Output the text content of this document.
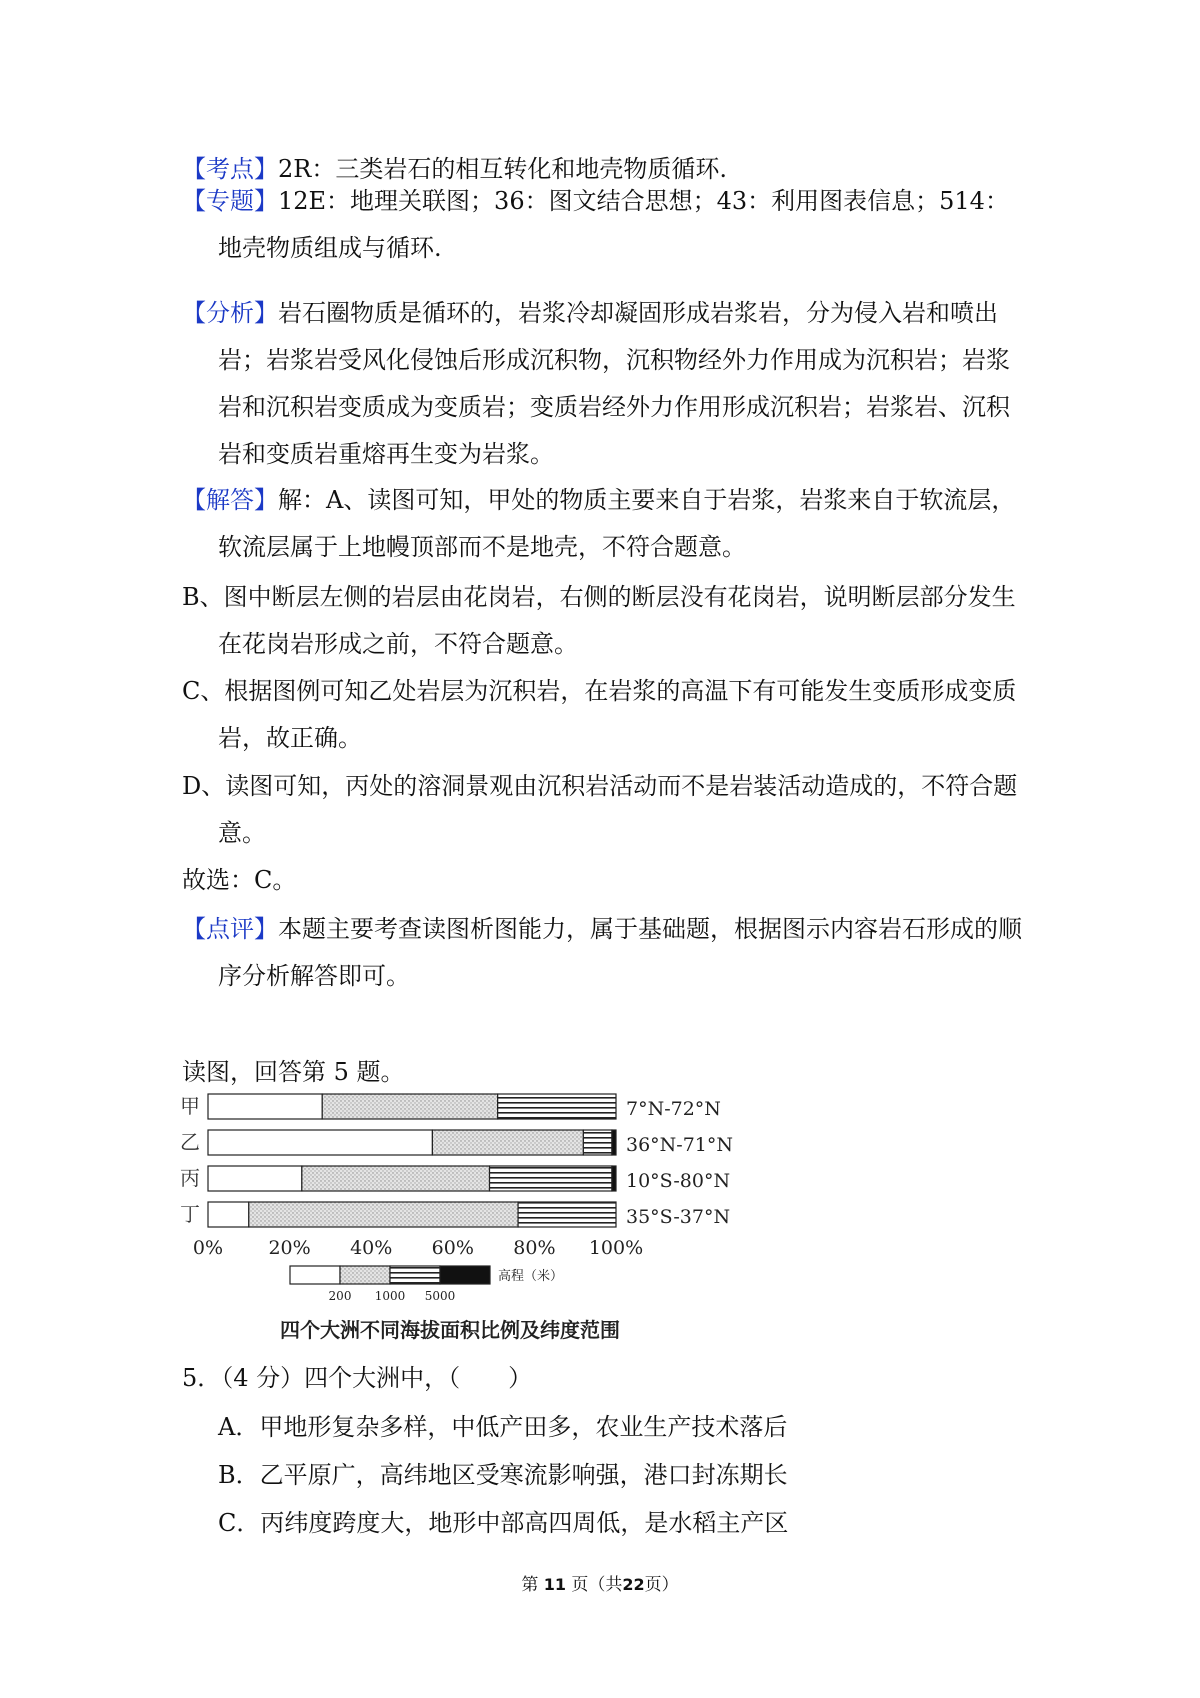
【考点】2R：三类岩石的相互转化和地壳物质循环.
【专题】12E：地理关联图；36：图文结合思想；43：利用图表信息；514：地壳物质组成与循环.
【分析】岩石圈物质是循环的，岩浆冷却凝固形成岩浆岩，分为侵入岩和喷出岩；岩浆岩受风化侵蚀后形成沉积物，沉积物经外力作用成为沉积岩；岩浆岩和沉积岩变质成为变质岩；变质岩经外力作用形成沉积岩；岩浆岩、沉积岩和变质岩重熔再生变为岩浆。
【解答】解：A、读图可知，甲处的物质主要来自于岩浆，岩浆来自于软流层，软流层属于上地幔顶部而不是地壳，不符合题意。
B、图中断层左侧的岩层由花岗岩，右侧的断层没有花岗岩，说明断层部分发生在花岗岩形成之前，不符合题意。
C、根据图例可知乙处岩层为沉积岩，在岩浆的高温下有可能发生变质形成变质岩，故正确。
D、读图可知，丙处的溶洞景观由沉积岩活动而不是岩装活动造成的，不符合题意。
故选：C。
【点评】本题主要考查读图析图能力，属于基础题，根据图示内容岩石形成的顺序分析解答即可。
读图，回答第 5 题。
甲
乙
丙
丁
7°N-72°N
36°N-71°N
10°S-80°N
35°S-37°N
0% 20% 40% 60% 80% 100%
高程（米）
200 1000 5000
四个大洲不同海拔面积比例及纬度范围
5．（4 分）四个大洲中，（　　）
A．甲地形复杂多样，中低产田多，农业生产技术落后
B．乙平原广，高纬地区受寒流影响强，港口封冻期长
C．丙纬度跨度大，地形中部高四周低，是水稻主产区
第 11 页（共22页）
